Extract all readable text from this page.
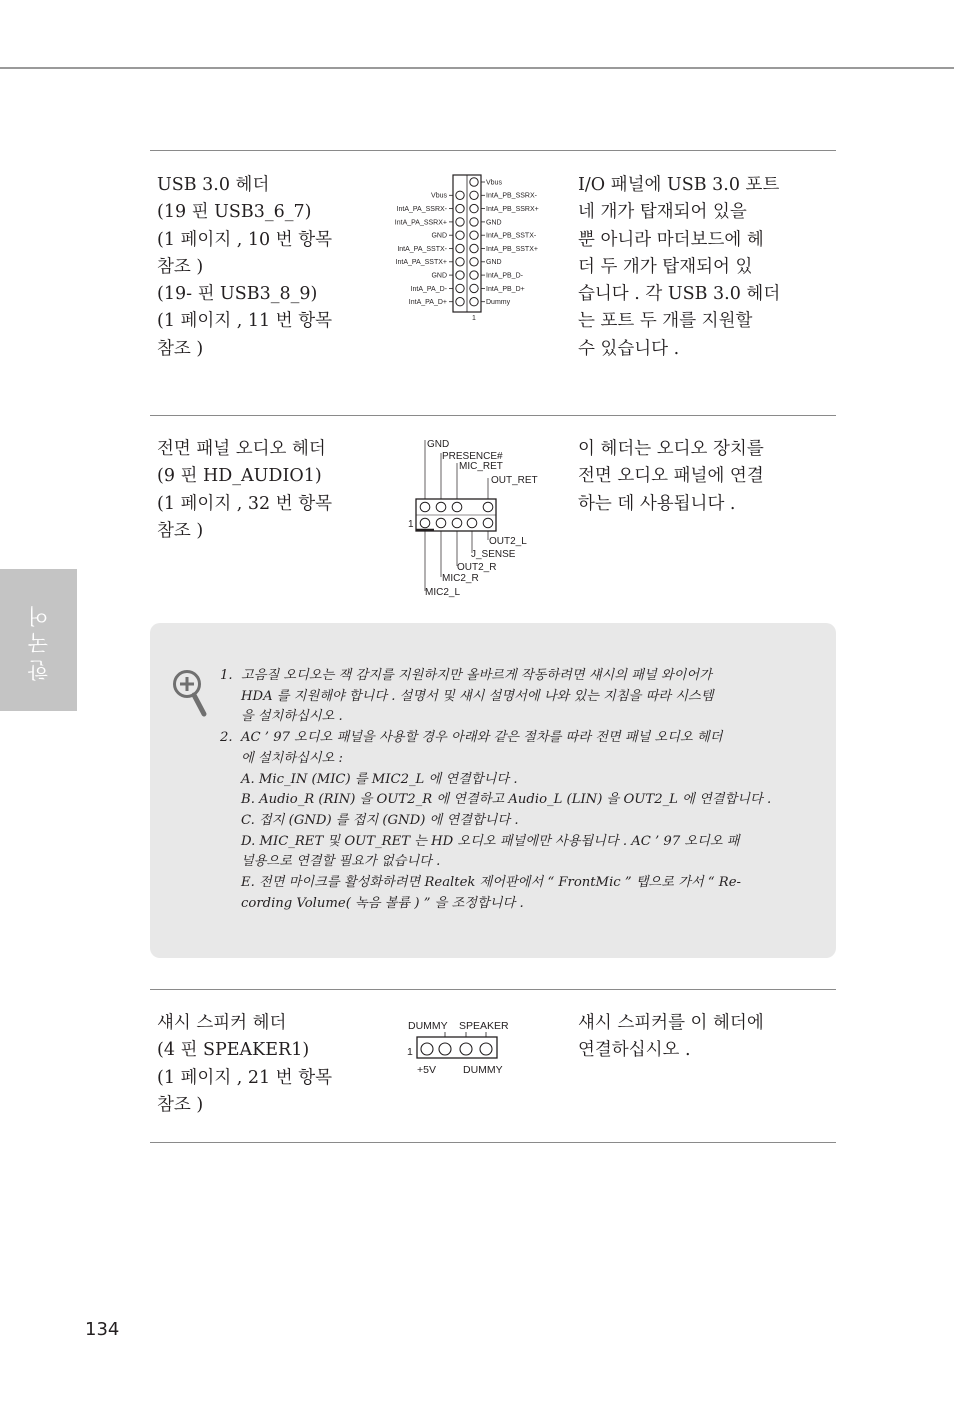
한국어
USB 3.0 헤더
(19 핀 USB3_6_7)
(1 페이지 , 10 번 항목
참조 )
(19- 핀 USB3_8_9)
(1 페이지 , 11 번 항목
참조 )
Vbus
IntA_PB_SSRX-
Vbus
IntA_PB_SSRX+
IntA_PA_SSRX-
GND
IntA_PA_SSRX+
IntA_PB_SSTX-
GND
IntA_PB_SSTX+
IntA_PA_SSTX-
GND
IntA_PA_SSTX+
IntA_PB_D-
GND
IntA_PB_D+
IntA_PA_D-
Dummy
IntA_PA_D+
1
I/O 패널에 USB 3.0 포트
네 개가 탑재되어 있을
뿐 아니라 마더보드에 헤
더 두 개가 탑재되어 있
습니다 . 각 USB 3.0 헤더
는 포트 두 개를 지원할
수 있습니다 .
전면 패널 오디오 헤더
(9 핀 HD_AUDIO1)
(1 페이지 , 32 번 항목
참조 )
GND
PRESENCE#
MIC_RET
OUT_RET
OUT2_L
J_SENSE
OUT2_R
MIC2_R
MIC2_L
1
이 헤더는 오디오 장치를
전면 오디오 패널에 연결
하는 데 사용됩니다 .
1. 고음질 오디오는 잭 감지를 지원하지만 올바르게 작동하려면 섀시의 패널 와이어가
HDA 를 지원해야 합니다 . 설명서 및 섀시 설명서에 나와 있는 지침을 따라 시스템
을 설치하십시오 .
2. AC ’ 97 오디오 패널을 사용할 경우 아래와 같은 절차를 따라 전면 패널 오디오 헤더
에 설치하십시오 :
A. Mic_IN (MIC) 를 MIC2_L 에 연결합니다 .
B. Audio_R (RIN) 을 OUT2_R 에 연결하고 Audio_L (LIN) 을 OUT2_L 에 연결합니다 .
C. 접지 (GND) 를 접지 (GND) 에 연결합니다 .
D. MIC_RET 및 OUT_RET 는 HD 오디오 패널에만 사용됩니다 . AC ’ 97 오디오 패
널용으로 연결할 필요가 없습니다 .
E. 전면 마이크를 활성화하려면 Realtek 제어판에서 “ FrontMic ” 탭으로 가서 “ Re-
cording Volume( 녹음 볼륨 ) ” 을 조정합니다 .
섀시 스피커 헤더
(4 핀 SPEAKER1)
(1 페이지 , 21 번 항목
참조 )
DUMMY SPEAKER
+5V	DUMMY
1
섀시 스피커를 이 헤더에
연결하십시오 .
134
